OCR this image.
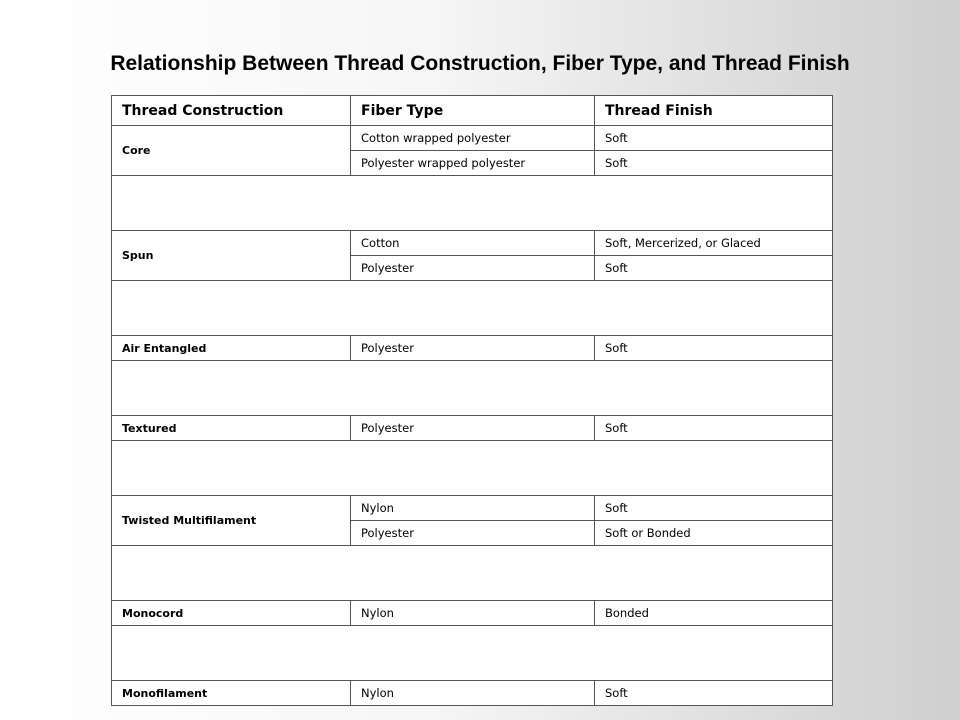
Relationship Between Thread Construction, Fiber Type, and Thread Finish
Thread Construction	Fiber Type	Thread Finish
Core	Cotton wrapped polyester	Soft
	Polyester wrapped polyester	Soft

Spun	Cotton	Soft, Mercerized, or Glaced
	Polyester	Soft

Air Entangled	Polyester	Soft

Textured	Polyester	Soft

Twisted Multifilament	Nylon	Soft
	Polyester	Soft or Bonded

Monocord	Nylon	Bonded

Monofilament	Nylon	Soft
